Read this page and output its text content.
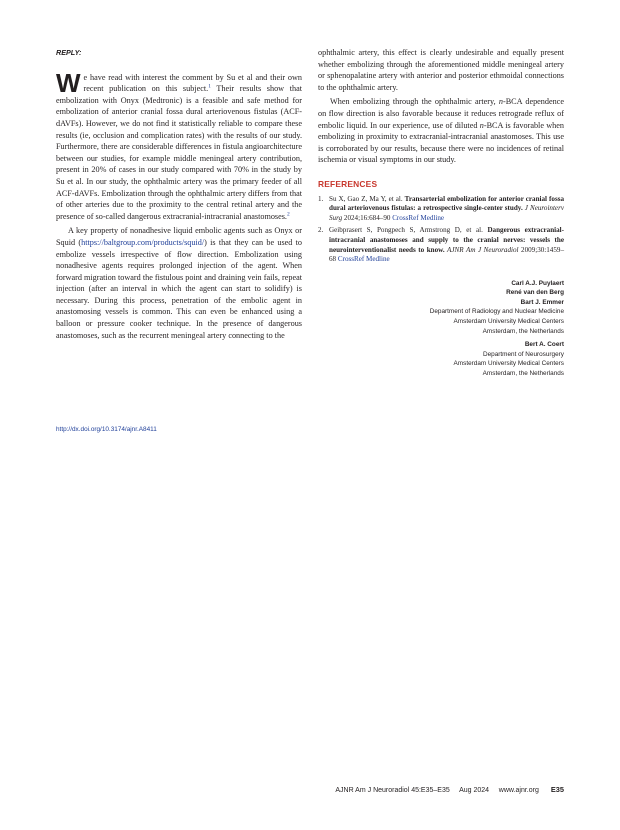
REPLY:

We have read with interest the comment by Su et al and their own recent publication on this subject.$^1$ Their results show that embolization with Onyx (Medtronic) is a feasible and safe method for embolization of anterior cranial fossa dural arteriovenous fistulas (ACF-dAVFs). However, we do not find it statistically reliable to compare these results (ie, occlusion and complication rates) with the results of our study. Furthermore, there are considerable differences in fistula angioarchitecture between our studies, for example middle meningeal artery contribution, present in 20% of cases in our study compared with 70% in the study by Su et al. In our study, the ophthalmic artery was the primary feeder of all ACF-dAVFs. Embolization through the ophthalmic artery differs from that of other arteries due to the proximity to the central retinal artery and the presence of so-called dangerous extracranial-intracranial anastomoses.$^2$

A key property of nonadhesive liquid embolic agents such as Onyx or Squid (https://baltgroup.com/products/squid/) is that they can be used to embolize vessels irrespective of flow direction. Embolization using nonadhesive agents requires prolonged injection of the agent. When forward migration toward the fistulous point and draining vein fails, repeat injection (after an interval in which the agent can start to solidify) is necessary. During this process, penetration of the embolic agent in anastomosing vessels is common. This can even be enhanced using a balloon or pressure cooker technique. In the presence of dangerous anastomoses, such as the recurrent meningeal artery connecting to the

ophthalmic artery, this effect is clearly undesirable and equally present whether embolizing through the aforementioned middle meningeal artery or sphenopalatine artery with anterior and posterior ethmoidal connections to the ophthalmic artery.

When embolizing through the ophthalmic artery, n-BCA dependence on flow direction is also favorable because it reduces retrograde reflux of embolic liquid. In our experience, use of diluted n-BCA is favorable when embolizing in proximity to extracranial-intracranial anastomoses. This use is corroborated by our results, because there were no incidences of retinal ischemia or visual symptoms in our study.

REFERENCES
1. Su X, Gao Z, Ma Y, et al. Transarterial embolization for anterior cranial fossa dural arteriovenous fistulas: a retrospective single-center study. J Neurointerv Surg 2024;16:684–90 CrossRef Medline
2. Geibprasert S, Pongpech S, Armstrong D, et al. Dangerous extracranial-intracranial anastomoses and supply to the cranial nerves: vessels the neurointerventionalist needs to know. AJNR Am J Neuroradiol 2009;30:1459–68 CrossRef Medline
Carl A.J. Puylaert
René van den Berg
Bart J. Emmer
Department of Radiology and Nuclear Medicine
Amsterdam University Medical Centers
Amsterdam, the Netherlands
Bert A. Coert
Department of Neurosurgery
Amsterdam University Medical Centers
Amsterdam, the Netherlands
http://dx.doi.org/10.3174/ajnr.A8411
AJNR Am J Neuroradiol 45:E35–E35     Aug 2024     www.ajnr.org E35
